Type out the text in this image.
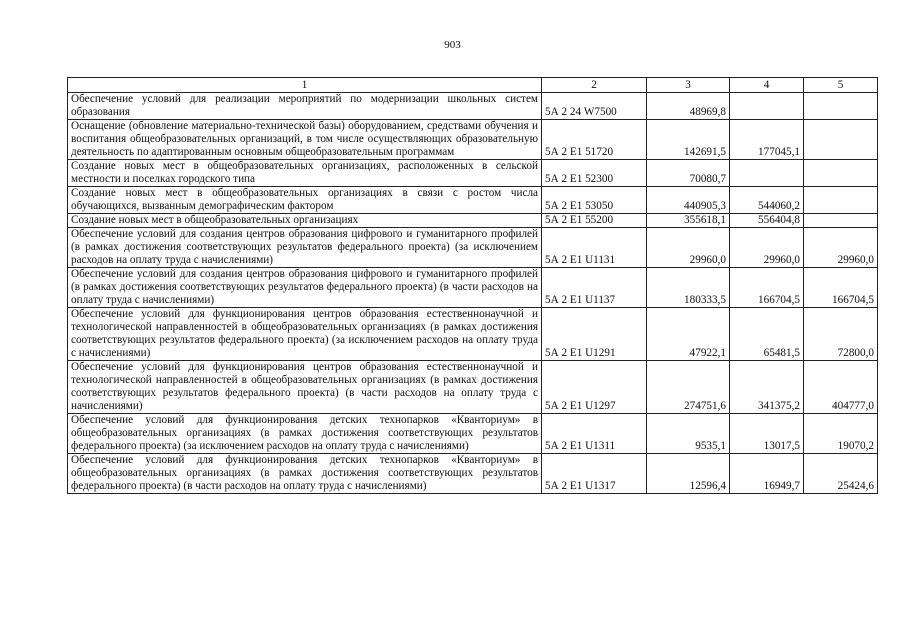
903
1	2	3	4	5
Обеспечение условий для реализации мероприятий по модернизации школьных систем образования	5А 2 24 W7500	48969,8		
Оснащение (обновление материально-технической базы) оборудованием, средствами обучения и воспитания общеобразовательных организаций, в том числе осуществляющих образовательную деятельность по адаптированным основным общеобразовательным программам	5А 2 Е1 51720	142691,5	177045,1	
Создание новых мест в общеобразовательных организациях, расположенных в сельской местности и поселках городского типа	5А 2 Е1 52300	70080,7		
Создание новых мест в общеобразовательных организациях в связи с ростом числа обучающихся, вызванным демографическим фактором	5А 2 Е1 53050	440905,3	544060,2	
Создание новых мест в общеобразовательных организациях	5А 2 Е1 55200	355618,1	556404,8	
Обеспечение условий для создания центров образования цифрового и гуманитарного профилей (в рамках достижения соответствующих результатов федерального проекта) (за исключением расходов на оплату труда с начислениями)	5А 2 Е1 U1131	29960,0	29960,0	29960,0
Обеспечение условий для создания центров образования цифрового и гуманитарного профилей (в рамках достижения соответствующих результатов федерального проекта) (в части расходов на оплату труда с начислениями)	5А 2 Е1 U1137	180333,5	166704,5	166704,5
Обеспечение условий для функционирования центров образования естественнонаучной и технологической направленностей в общеобразовательных организациях (в рамках достижения соответствующих результатов федерального проекта) (за исключением расходов на оплату труда с начислениями)	5А 2 Е1 U1291	47922,1	65481,5	72800,0
Обеспечение условий для функционирования центров образования естественнонаучной и технологической направленностей в общеобразовательных организациях (в рамках достижения соответствующих результатов федерального проекта) (в части расходов на оплату труда с начислениями)	5А 2 Е1 U1297	274751,6	341375,2	404777,0
Обеспечение условий для функционирования детских технопарков «Кванториум» в общеобразовательных организациях (в рамках достижения соответствующих результатов федерального проекта) (за исключением расходов на оплату труда с начислениями)	5А 2 Е1 U1311	9535,1	13017,5	19070,2
Обеспечение условий для функционирования детских технопарков «Кванториум» в общеобразовательных организациях (в рамках достижения соответствующих результатов федерального проекта) (в части расходов на оплату труда с начислениями)	5А 2 Е1 U1317	12596,4	16949,7	25424,6
